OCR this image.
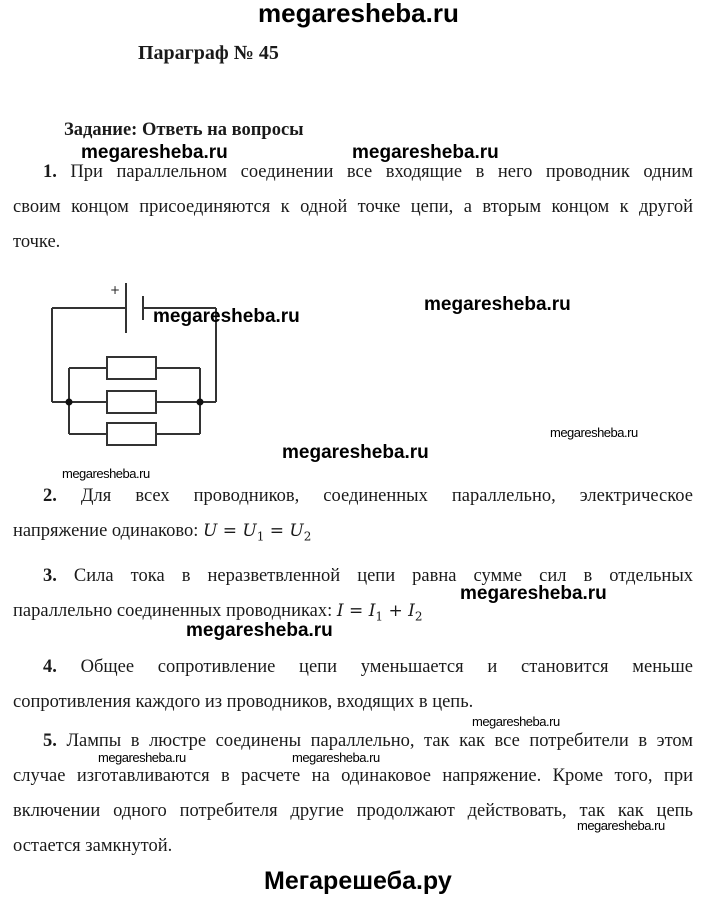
megaresheba.ru
Параграф № 45
Задание: Ответь на вопросы
megaresheba.ru	megaresheba.ru
1. При параллельном соединении все входящие в него проводник одним
своим концом присоединяются к одной точке цепи, а вторым концом к другой
точке.
+
megaresheba.ru
megaresheba.ru
megaresheba.ru
megaresheba.ru
megaresheba.ru
2. Для всех проводников, соединенных параллельно, электрическое
напряжение одинаково: $U = U_1 = U_2$
3. Сила тока в неразветвленной цепи равна сумме сил в отдельных
параллельно соединенных проводниках: $I = I_1 + I_2$
megaresheba.ru
megaresheba.ru
4. Общее сопротивление цепи уменьшается и становится меньше
сопротивления каждого из проводников, входящих в цепь.
megaresheba.ru
5. Лампы в люстре соединены параллельно, так как все потребители в этом
случае изготавливаются в расчете на одинаковое напряжение. Кроме того, при
включении одного потребителя другие продолжают действовать, так как цепь
остается замкнутой.
megaresheba.ru	megaresheba.ru
megaresheba.ru
Мегарешеба.ру
